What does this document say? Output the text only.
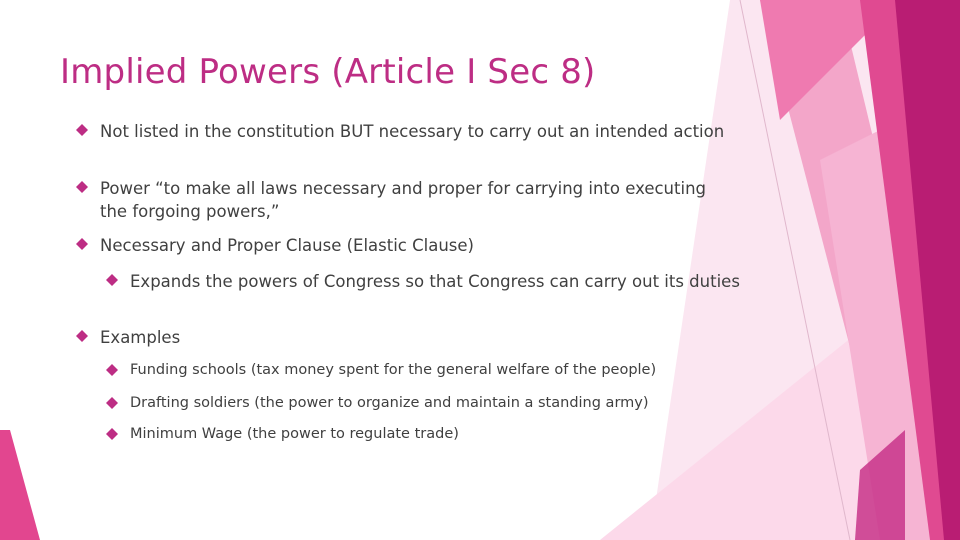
Implied Powers (Article I Sec 8)
Not listed in the constitution BUT necessary to carry out an intended action
Power “to make all laws necessary and proper for carrying into executing the forgoing powers,”
Necessary and Proper Clause (Elastic Clause)
Expands the powers of Congress so that Congress can carry out its duties
Examples
Funding schools (tax money spent for the general welfare of the people)
Drafting soldiers (the power to organize and maintain a standing army)
Minimum Wage (the power to regulate trade)
